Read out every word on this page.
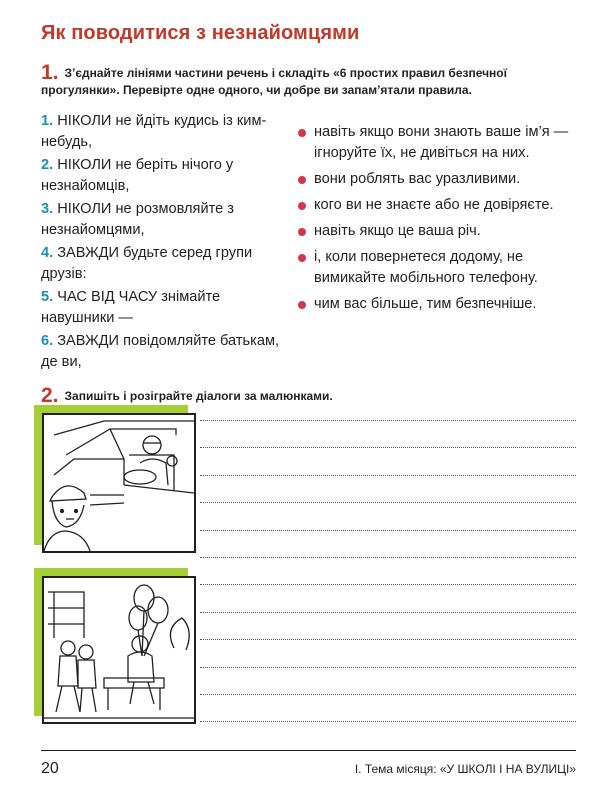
Як поводитися з незнайомцями
1. З’єднайте лініями частини речень і складіть «6 простих правил безпечної прогулянки». Перевірте одне одного, чи добре ви запам’ятали правила.
1. НІКОЛИ не йдіть кудись із ким-небудь,
2. НІКОЛИ не беріть нічого у незнайомців,
3. НІКОЛИ не розмовляйте з незнайомцями,
4. ЗАВЖДИ будьте серед групи друзів:
5. ЧАС ВІД ЧАСУ знімайте навушники —
6. ЗАВЖДИ повідомляйте батькам, де ви,
навіть якщо вони знають ваше ім’я — ігноруйте їх, не дивіться на них.
вони роблять вас уразливими.
кого ви не знаєте або не довіряєте.
навіть якщо це ваша річ.
і, коли повернетеся додому, не вимикайте мобільного телефону.
чим вас більше, тим безпечніше.
2. Запишіть і розіграйте діалоги за малюнками.
20	І. Тема місяця: «У ШКОЛІ І НА ВУЛИЦІ»
